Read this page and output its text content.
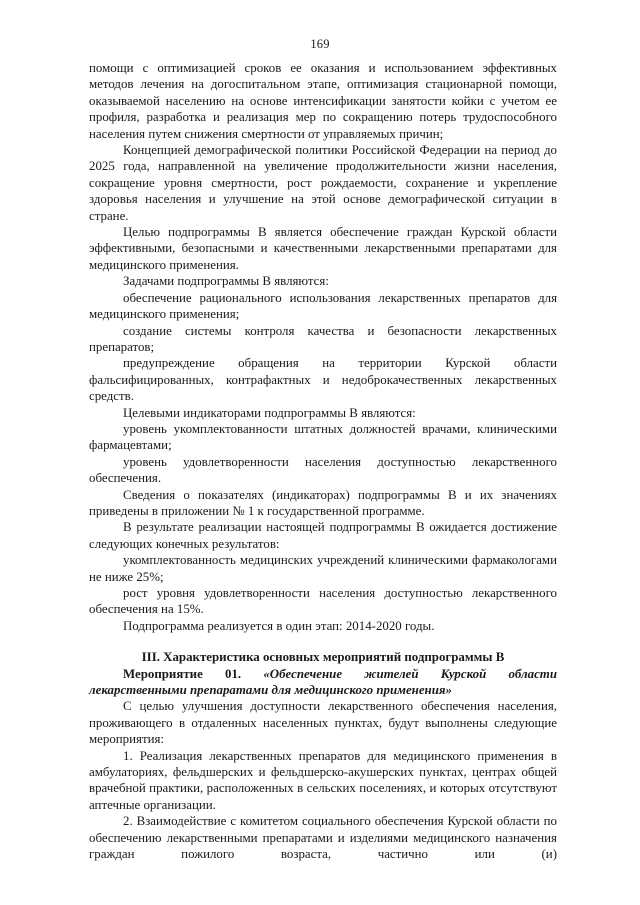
169

помощи с оптимизацией сроков ее оказания и использованием эффективных методов лечения на догоспитальном этапе, оптимизация стационарной помощи, оказываемой населению на основе интенсификации занятости койки с учетом ее профиля, разработка и реализация мер по сокращению потерь трудоспособного населения путем снижения смертности от управляемых причин;

Концепцией демографической политики Российской Федерации на период до 2025 года, направленной на увеличение продолжительности жизни населения, сокращение уровня смертности, рост рождаемости, сохранение и укрепление здоровья населения и улучшение на этой основе демографической ситуации в стране.

Целью подпрограммы В является обеспечение граждан Курской области эффективными, безопасными и качественными лекарственными препаратами для медицинского применения.

Задачами подпрограммы В являются:

обеспечение рационального использования лекарственных препаратов для медицинского применения;

создание системы контроля качества и безопасности лекарственных препаратов;

предупреждение обращения на территории Курской области фальсифицированных, контрафактных и недоброкачественных лекарственных средств.

Целевыми индикаторами подпрограммы В являются:

уровень укомплектованности штатных должностей врачами, клиническими фармацевтами;

уровень удовлетворенности населения доступностью лекарственного обеспечения.

Сведения о показателях (индикаторах) подпрограммы В и их значениях приведены в приложении № 1 к государственной программе.

В результате реализации настоящей подпрограммы В ожидается достижение следующих конечных результатов:

укомплектованность медицинских учреждений клиническими фармакологами не ниже 25%;

рост уровня удовлетворенности населения доступностью лекарственного обеспечения на 15%.

Подпрограмма реализуется в один этап: 2014-2020 годы.

III. Характеристика основных мероприятий подпрограммы В

Мероприятие 01. «Обеспечение жителей Курской области лекарственными препаратами для медицинского применения»

С целью улучшения доступности лекарственного обеспечения населения, проживающего в отдаленных населенных пунктах, будут выполнены следующие мероприятия:

1. Реализация лекарственных препаратов для медицинского применения в амбулаториях, фельдшерских и фельдшерско-акушерских пунктах, центрах общей врачебной практики, расположенных в сельских поселениях, и которых отсутствуют аптечные организации.

2. Взаимодействие с комитетом социального обеспечения Курской области по обеспечению лекарственными препаратами и изделиями медицинского назначения граждан пожилого возраста, частично или (и)
